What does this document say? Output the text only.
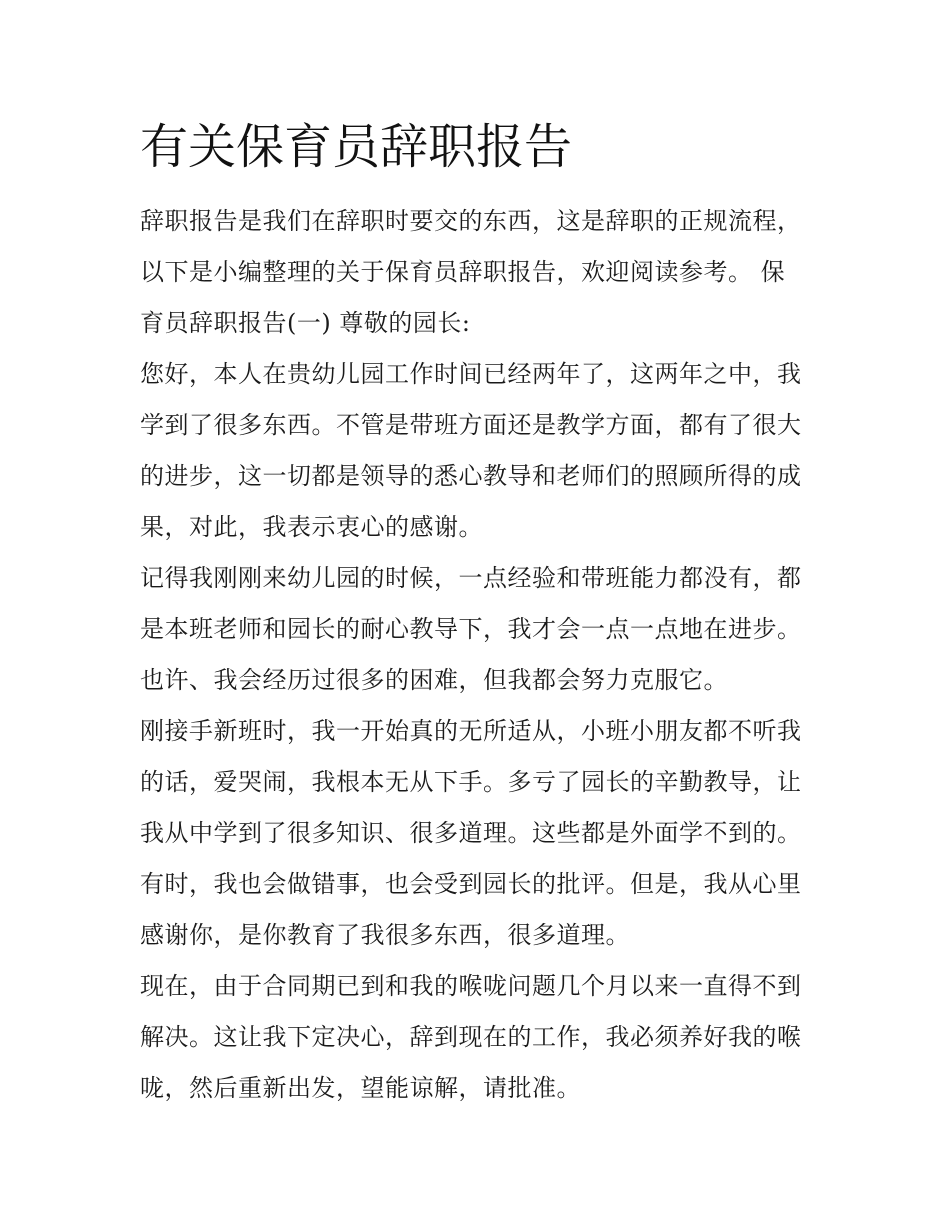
有关保育员辞职报告
辞职报告是我们在辞职时要交的东西，这是辞职的正规流程，
以下是小编整理的关于保育员辞职报告，欢迎阅读参考。 保
育员辞职报告(一) 尊敬的园长:
您好，本人在贵幼儿园工作时间已经两年了，这两年之中，我
学到了很多东西。不管是带班方面还是教学方面，都有了很大
的进步，这一切都是领导的悉心教导和老师们的照顾所得的成
果，对此，我表示衷心的感谢。
记得我刚刚来幼儿园的时候，一点经验和带班能力都没有，都
是本班老师和园长的耐心教导下，我才会一点一点地在进步。
也许、我会经历过很多的困难，但我都会努力克服它。
刚接手新班时，我一开始真的无所适从，小班小朋友都不听我
的话，爱哭闹，我根本无从下手。多亏了园长的辛勤教导，让
我从中学到了很多知识、很多道理。这些都是外面学不到的。
有时，我也会做错事，也会受到园长的批评。但是，我从心里
感谢你，是你教育了我很多东西，很多道理。
现在，由于合同期已到和我的喉咙问题几个月以来一直得不到
解决。这让我下定决心，辞到现在的工作，我必须养好我的喉
咙，然后重新出发，望能谅解，请批准。
